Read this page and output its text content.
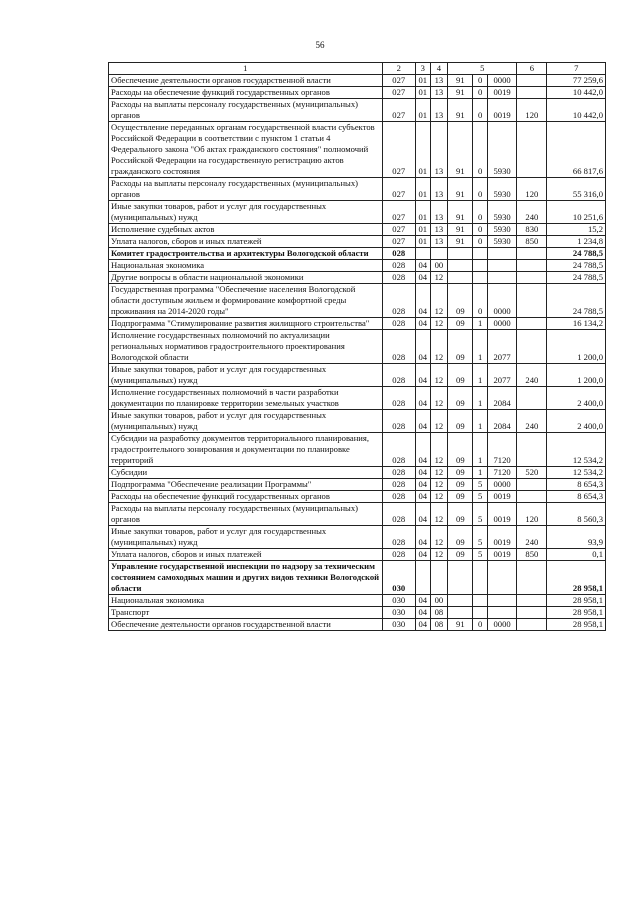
56
1	2	3	4	5			6	7
Обеспечение деятельности органов государственной власти	027	01	13	91	0	0000		77 259,6
Расходы на обеспечение функций государственных органов	027	01	13	91	0	0019		10 442,0
Расходы на выплаты персоналу государственных (муниципальных) органов	027	01	13	91	0	0019	120	10 442,0
Осуществление переданных органам государственной власти субъектов Российской Федерации в соответствии с пунктом 1 статьи 4 Федерального закона "Об актах гражданского состояния" полномочий Российской Федерации на государственную регистрацию актов гражданского состояния	027	01	13	91	0	5930		66 817,6
Расходы на выплаты персоналу государственных (муниципальных) органов	027	01	13	91	0	5930	120	55 316,0
Иные закупки товаров, работ и услуг для государственных (муниципальных) нужд	027	01	13	91	0	5930	240	10 251,6
Исполнение судебных актов	027	01	13	91	0	5930	830	15,2
Уплата налогов, сборов и иных платежей	027	01	13	91	0	5930	850	1 234,8
Комитет градостроительства и архитектуры Вологодской области	028							24 788,5
Национальная экономика	028	04	00					24 788,5
Другие вопросы в области национальной экономики	028	04	12					24 788,5
Государственная программа "Обеспечение населения Вологодской области доступным жильем и формирование комфортной среды проживания на 2014-2020 годы"	028	04	12	09	0	0000		24 788,5
Подпрограмма "Стимулирование развития жилищного строительства"	028	04	12	09	1	0000		16 134,2
Исполнение государственных полномочий по актуализации региональных нормативов градостроительного проектирования Вологодской области	028	04	12	09	1	2077		1 200,0
Иные закупки товаров, работ и услуг для государственных (муниципальных) нужд	028	04	12	09	1	2077	240	1 200,0
Исполнение государственных полномочий в части разработки документации по планировке территории земельных участков	028	04	12	09	1	2084		2 400,0
Иные закупки товаров, работ и услуг для государственных (муниципальных) нужд	028	04	12	09	1	2084	240	2 400,0
Субсидии на разработку документов территориального планирования, градостроительного зонирования и документации по планировке территорий	028	04	12	09	1	7120		12 534,2
Субсидии	028	04	12	09	1	7120	520	12 534,2
Подпрограмма "Обеспечение реализации Программы"	028	04	12	09	5	0000		8 654,3
Расходы на обеспечение функций государственных органов	028	04	12	09	5	0019		8 654,3
Расходы на выплаты персоналу государственных (муниципальных) органов	028	04	12	09	5	0019	120	8 560,3
Иные закупки товаров, работ и услуг для государственных (муниципальных) нужд	028	04	12	09	5	0019	240	93,9
Уплата налогов, сборов и иных платежей	028	04	12	09	5	0019	850	0,1
Управление государственной инспекции по надзору за техническим состоянием самоходных машин и других видов техники Вологодской области	030							28 958,1
Национальная экономика	030	04	00					28 958,1
Транспорт	030	04	08					28 958,1
Обеспечение деятельности органов государственной власти	030	04	08	91	0	0000		28 958,1
